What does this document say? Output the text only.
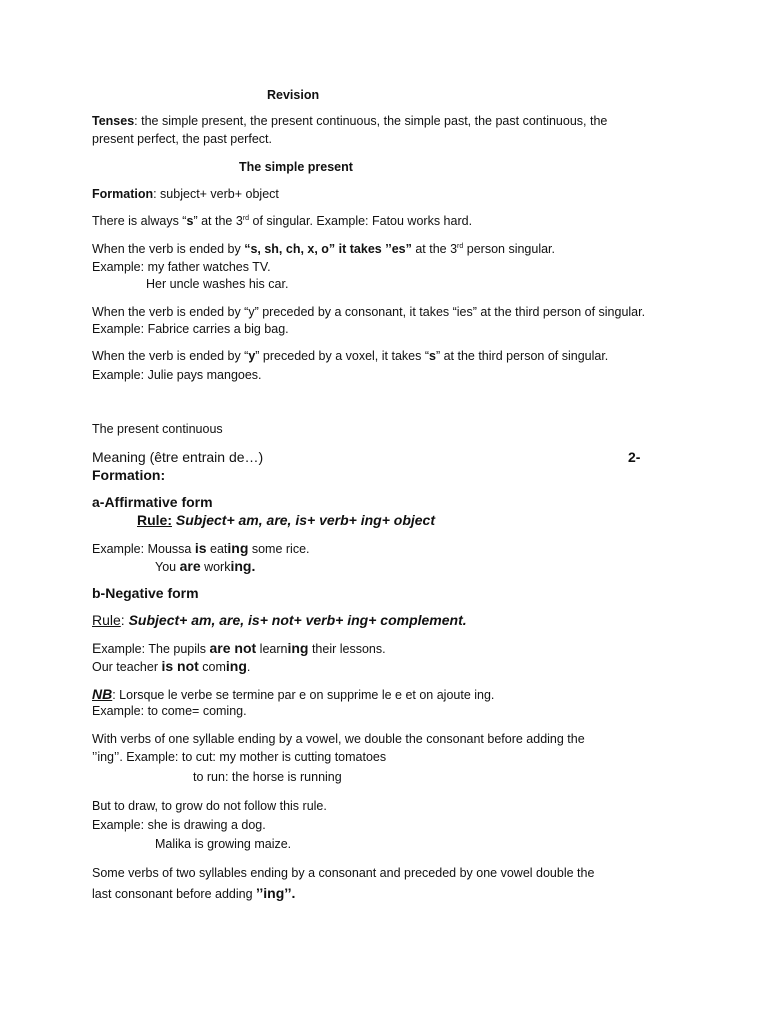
Revision
Tenses: the simple present, the present continuous, the simple past, the past continuous, the
present perfect, the past perfect.
The simple present
Formation: subject+ verb+ object
There is always “s” at the 3rd of singular. Example: Fatou works hard.
When the verb is ended by “s, sh, ch, x, o” it takes ’’es” at the 3rd person singular.
Example: my father watches TV.
Her uncle washes his car.
When the verb is ended by “y” preceded by a consonant, it takes “ies” at the third person of singular.
Example: Fabrice carries a big bag.
When the verb is ended by “y” preceded by a voxel, it takes “s” at the third person of singular.
Example: Julie pays mangoes.
The present continuous
Meaning (être entrain de…)	2-
Formation:
a-Affirmative form
Rule: Subject+ am, are, is+ verb+ ing+ object
Example: Moussa is eating some rice.
You are working.
b-Negative form
Rule: Subject+ am, are, is+ not+ verb+ ing+ complement.
Example: The pupils are not learning their lessons.
Our teacher is not coming.
NB: Lorsque le verbe se termine par e on supprime le e et on ajoute ing.
Example: to come= coming.
With verbs of one syllable ending by a vowel, we double the consonant before adding the
’’ing’’. Example: to cut: my mother is cutting tomatoes
to run: the horse is running
But to draw, to grow do not follow this rule.
Example: she is drawing a dog.
Malika is growing maize.
Some verbs of two syllables ending by a consonant and preceded by one vowel double the
last consonant before adding ’’ing’’.
